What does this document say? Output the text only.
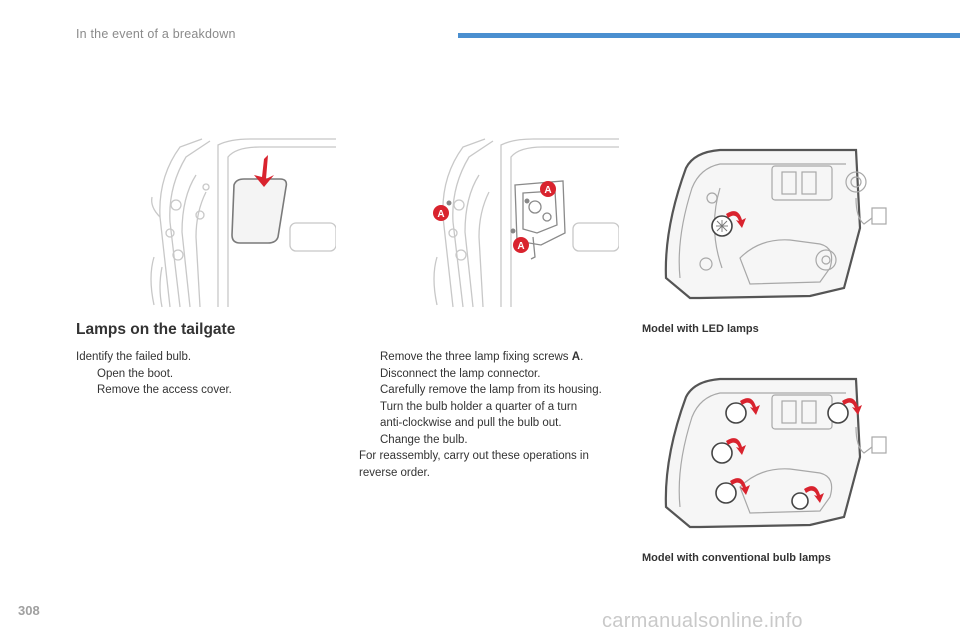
In the event of a breakdown
A
A
A
Lamps on the tailgate
Identify the failed bulb.
Open the boot.
Remove the access cover.
Remove the three lamp fixing screws A.
Disconnect the lamp connector.
Carefully remove the lamp from its housing.
Turn the bulb holder a quarter of a turn
anti-clockwise and pull the bulb out.
Change the bulb.
For reassembly, carry out these operations in
reverse order.
Model with LED lamps
Model with conventional bulb lamps
308	carmanualsonline.info
